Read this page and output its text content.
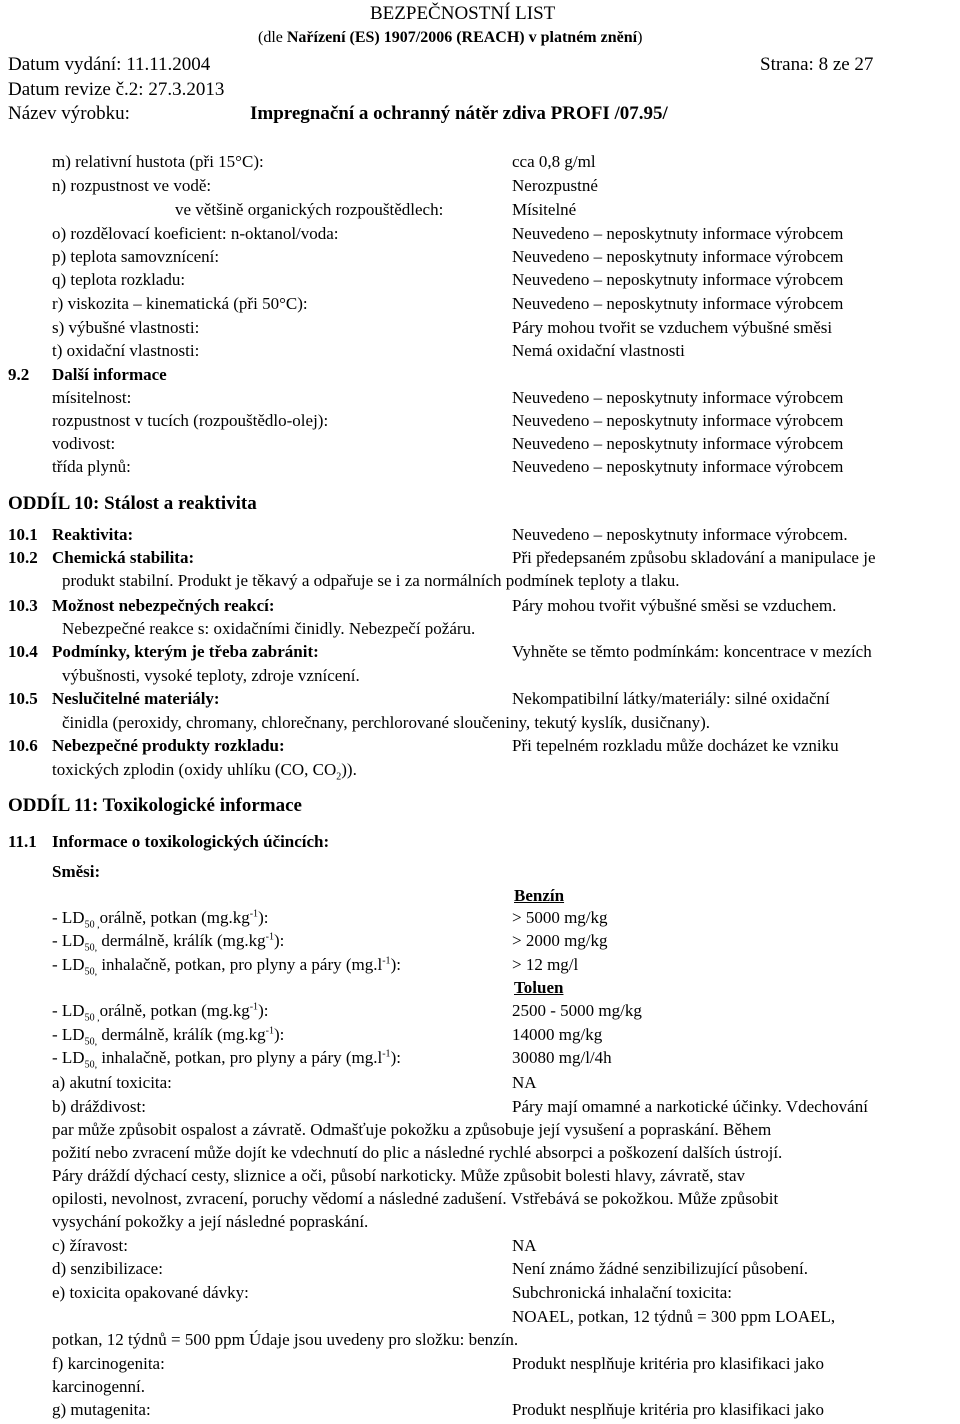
BEZPEČNOSTNÍ LIST
(dle Nařízení (ES) 1907/2006 (REACH) v platném znění)
Datum vydání: 11.11.2004	Strana: 8 ze 27
Datum revize č.2: 27.3.2013
Název výrobku:	Impregnační a ochranný nátěr zdiva PROFI /07.95/
m) relativní hustota (při 15°C):	cca 0,8 g/ml
n) rozpustnost ve vodě:	Nerozpustné
ve většině organických rozpouštědlech:	Mísitelné
o) rozdělovací koeficient: n-oktanol/voda:	Neuvedeno – neposkytnuty informace výrobcem
p) teplota samovznícení:	Neuvedeno – neposkytnuty informace výrobcem
q) teplota rozkladu:	Neuvedeno – neposkytnuty informace výrobcem
r) viskozita – kinematická (při 50°C):	Neuvedeno – neposkytnuty informace výrobcem
s) výbušné vlastnosti:	Páry mohou tvořit se vzduchem výbušné směsi
t) oxidační vlastnosti:	Nemá oxidační vlastnosti
9.2 Další informace
mísitelnost:	Neuvedeno – neposkytnuty informace výrobcem
rozpustnost v tucích (rozpouštědlo-olej):	Neuvedeno – neposkytnuty informace výrobcem
vodivost:	Neuvedeno – neposkytnuty informace výrobcem
třída plynů:	Neuvedeno – neposkytnuty informace výrobcem
ODDÍL 10: Stálost a reaktivita
10.1 Reaktivita:	Neuvedeno – neposkytnuty informace výrobcem.
10.2 Chemická stabilita:	Při předepsaném způsobu skladování a manipulace je
produkt stabilní. Produkt je těkavý a odpařuje se i za normálních podmínek teploty a tlaku.
10.3 Možnost nebezpečných reakcí:	Páry mohou tvořit výbušné směsi se vzduchem.
Nebezpečné reakce s: oxidačními činidly. Nebezpečí požáru.
10.4 Podmínky, kterým je třeba zabránit:	Vyhněte se těmto podmínkám: koncentrace v mezích
výbušnosti, vysoké teploty, zdroje vznícení.
10.5 Neslučitelné materiály:	Nekompatibilní látky/materiály: silné oxidační
činidla (peroxidy, chromany, chlorečnany, perchlorované sloučeniny, tekutý kyslík, dusičnany).
10.6 Nebezpečné produkty rozkladu:	Při tepelném rozkladu může docházet ke vzniku
toxických zplodin (oxidy uhlíku (CO, $CO_2$)).
ODDÍL 11: Toxikologické informace
11.1 Informace o toxikologických účincích:
Směsi:
Benzín
- $LD_{50 ,}orá\ln ě$, potkan $(mg.kg^{-1})$:	> 5000 mg/kg
- $LD_{50,}$ dermálně, králík $(mg.kg^{-1})$:	> 2000 mg/kg
- $LD_{50,}$ inhalačně, potkan, pro plyny a páry $(mg.l^{-1})$:	> 12 mg/l
Toluen
- $LD_{50 ,}orá\ln ě$, potkan $(mg.kg^{-1})$:	2500 - 5000 mg/kg
- $LD_{50,}$ dermálně, králík $(mg.kg^{-1})$:	14000 mg/kg
- $LD_{50,}$ inhalačně, potkan, pro plyny a páry $(mg.l^{-1})$:	30080 mg/l/4h
a) akutní toxicita:	NA
b) dráždivost:	Páry mají omamné a narkotické účinky. Vdechování
par může způsobit ospalost a závratě. Odmašťuje pokožku a způsobuje její vysušení a popraskání. Během
požití nebo zvracení může dojít ke vdechnutí do plic a následné rychlé absorpci a poškození dalších ústrojí.
Páry dráždí dýchací cesty, sliznice a oči, působí narkoticky. Může způsobit bolesti hlavy, závratě, stav
opilosti, nevolnost, zvracení, poruchy vědomí a následné zadušení. Vstřebává se pokožkou. Může způsobit
vysychání pokožky a její následné popraskání.
c) žíravost:	NA
d) senzibilizace:	Není známo žádné senzibilizující působení.
e) toxicita opakované dávky:	Subchronická inhalační toxicita:
NOAEL, potkan, 12 týdnů = 300 ppm LOAEL,
potkan, 12 týdnů = 500 ppm Údaje jsou uvedeny pro složku: benzín.
f) karcinogenita:	Produkt nesplňuje kritéria pro klasifikaci jako
karcinogenní.
g) mutagenita:	Produkt nesplňuje kritéria pro klasifikaci jako
